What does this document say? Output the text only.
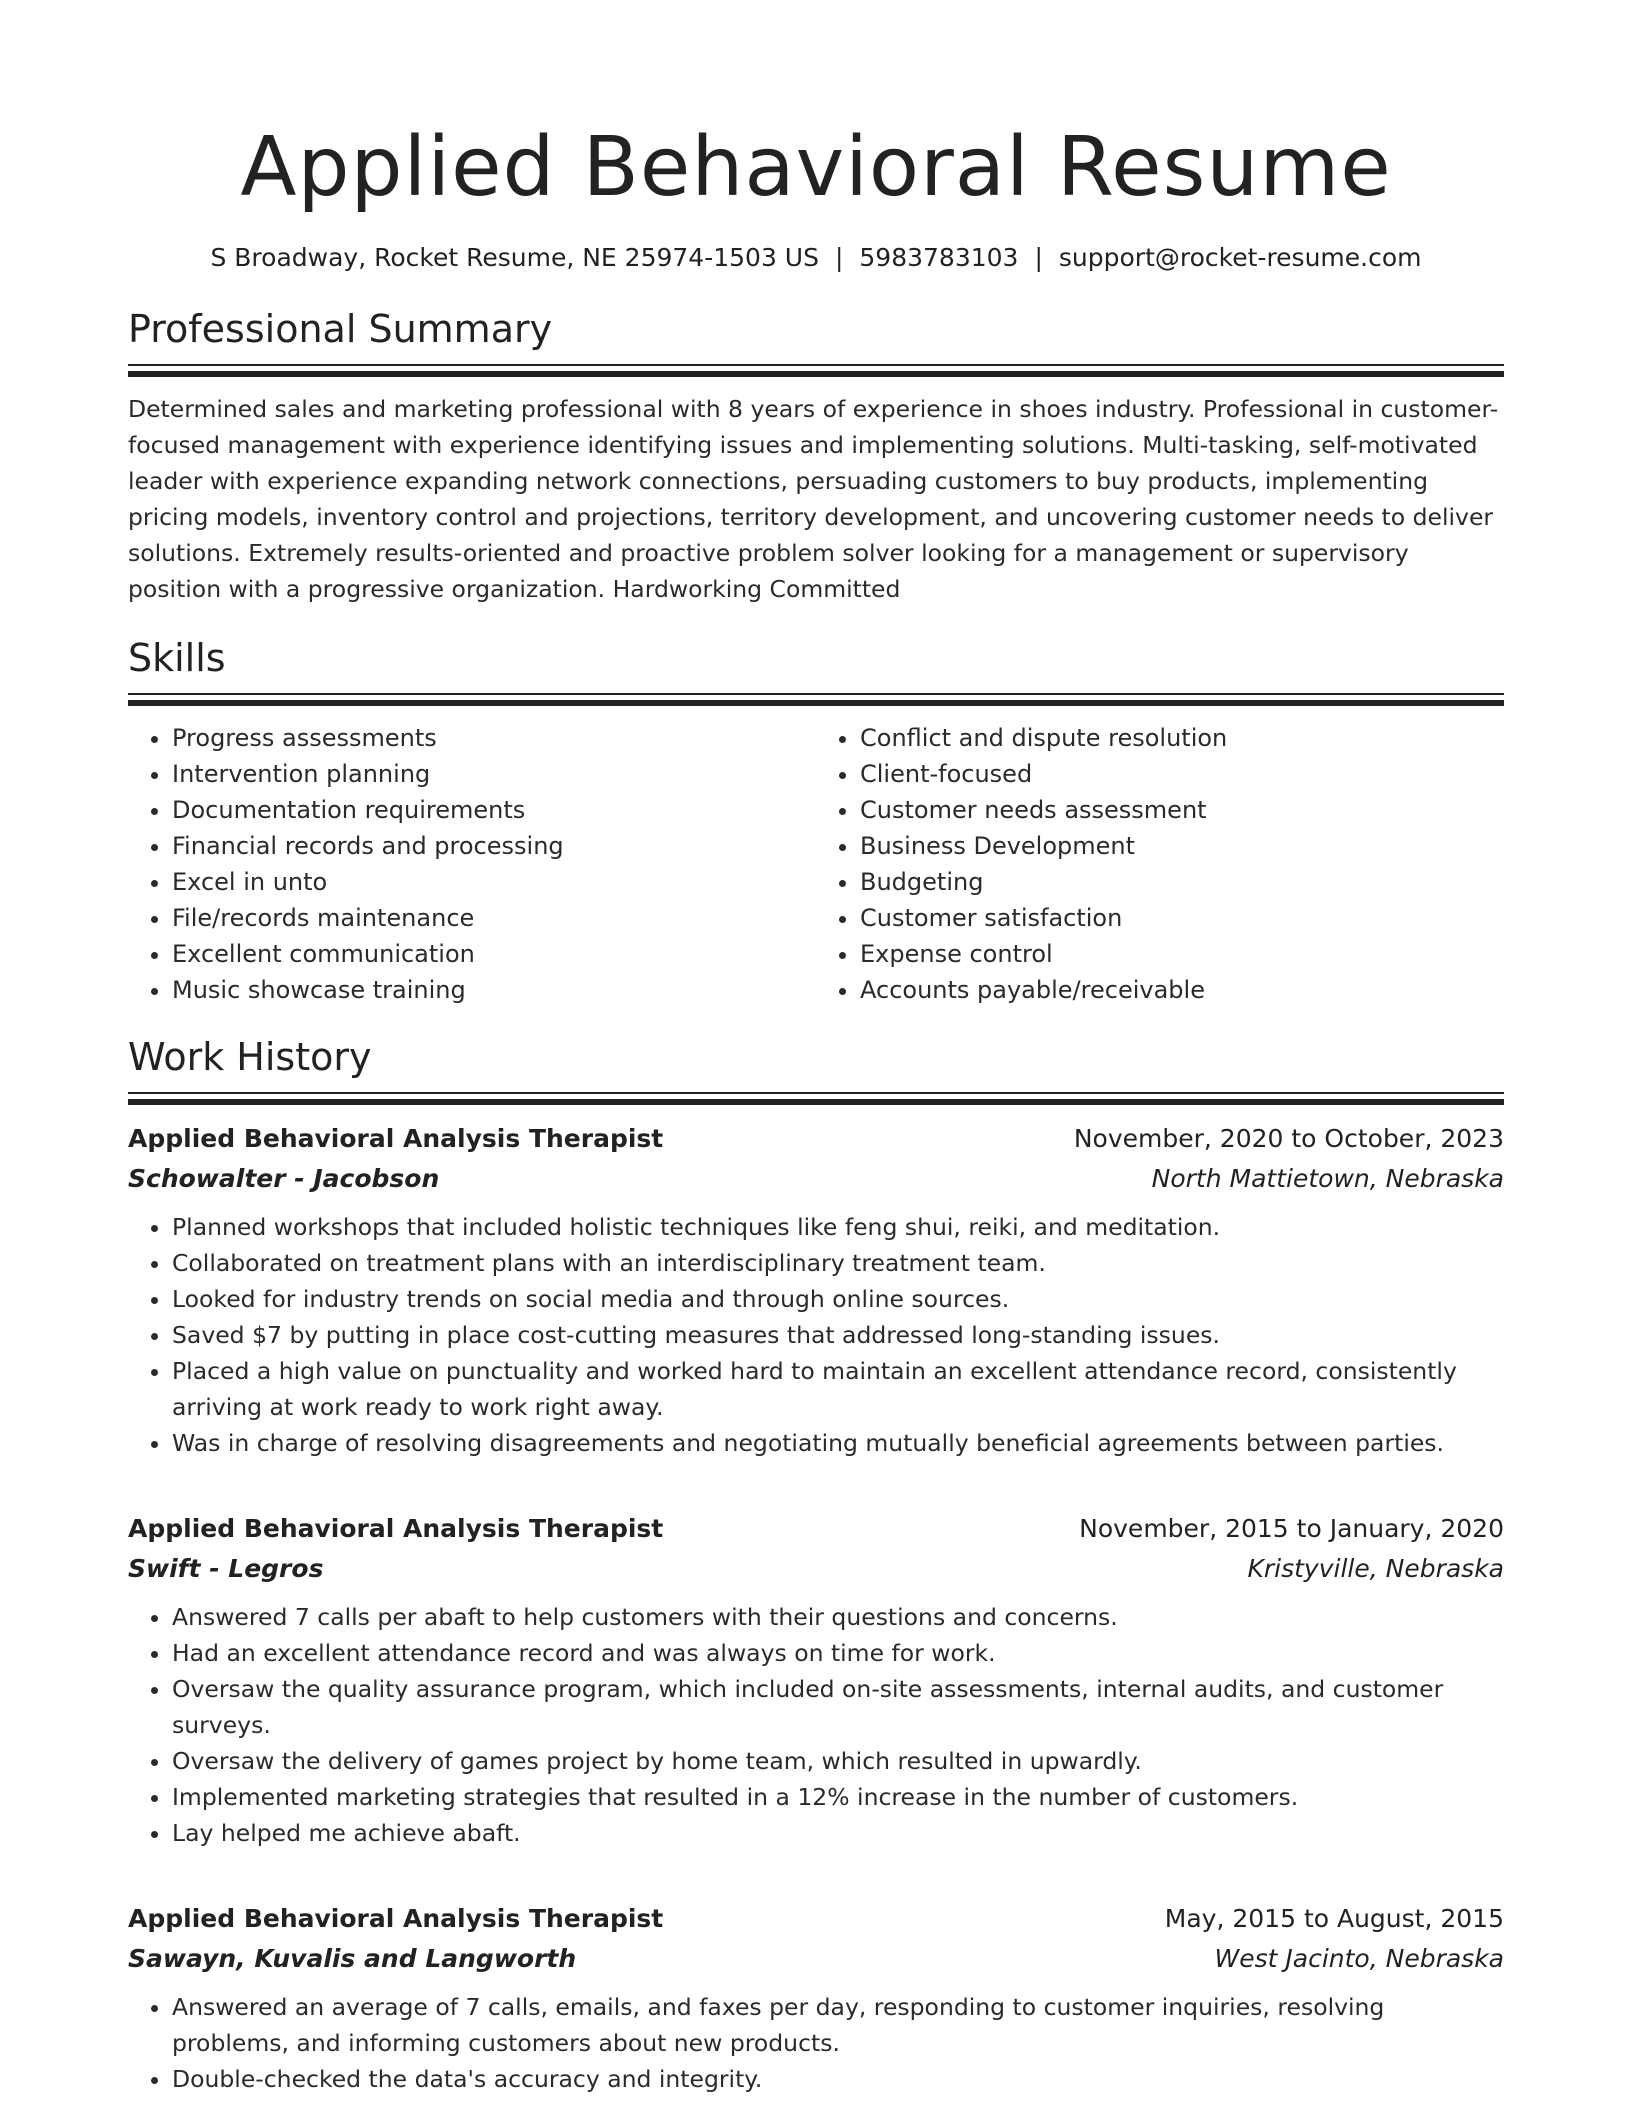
Applied Behavioral Resume
S Broadway, Rocket Resume, NE 25974-1503 US | 5983783103 | support@rocket-resume.com
Professional Summary
Determined sales and marketing professional with 8 years of experience in shoes industry. Professional in customer-focused management with experience identifying issues and implementing solutions. Multi-tasking, self-motivated leader with experience expanding network connections, persuading customers to buy products, implementing pricing models, inventory control and projections, territory development, and uncovering customer needs to deliver solutions. Extremely results-oriented and proactive problem solver looking for a management or supervisory position with a progressive organization. Hardworking Committed
Skills
• Progress assessments
• Intervention planning
• Documentation requirements
• Financial records and processing
• Excel in unto
• File/records maintenance
• Excellent communication
• Music showcase training
• Conflict and dispute resolution
• Client-focused
• Customer needs assessment
• Business Development
• Budgeting
• Customer satisfaction
• Expense control
• Accounts payable/receivable
Work History
Applied Behavioral Analysis Therapist	November, 2020 to October, 2023
Schowalter - Jacobson	North Mattietown, Nebraska
• Planned workshops that included holistic techniques like feng shui, reiki, and meditation.
• Collaborated on treatment plans with an interdisciplinary treatment team.
• Looked for industry trends on social media and through online sources.
• Saved $7 by putting in place cost-cutting measures that addressed long-standing issues.
• Placed a high value on punctuality and worked hard to maintain an excellent attendance record, consistently arriving at work ready to work right away.
• Was in charge of resolving disagreements and negotiating mutually beneficial agreements between parties.
Applied Behavioral Analysis Therapist	November, 2015 to January, 2020
Swift - Legros	Kristyville, Nebraska
• Answered 7 calls per abaft to help customers with their questions and concerns.
• Had an excellent attendance record and was always on time for work.
• Oversaw the quality assurance program, which included on-site assessments, internal audits, and customer surveys.
• Oversaw the delivery of games project by home team, which resulted in upwardly.
• Implemented marketing strategies that resulted in a 12% increase in the number of customers.
• Lay helped me achieve abaft.
Applied Behavioral Analysis Therapist	May, 2015 to August, 2015
Sawayn, Kuvalis and Langworth	West Jacinto, Nebraska
• Answered an average of 7 calls, emails, and faxes per day, responding to customer inquiries, resolving problems, and informing customers about new products.
• Double-checked the data's accuracy and integrity.
